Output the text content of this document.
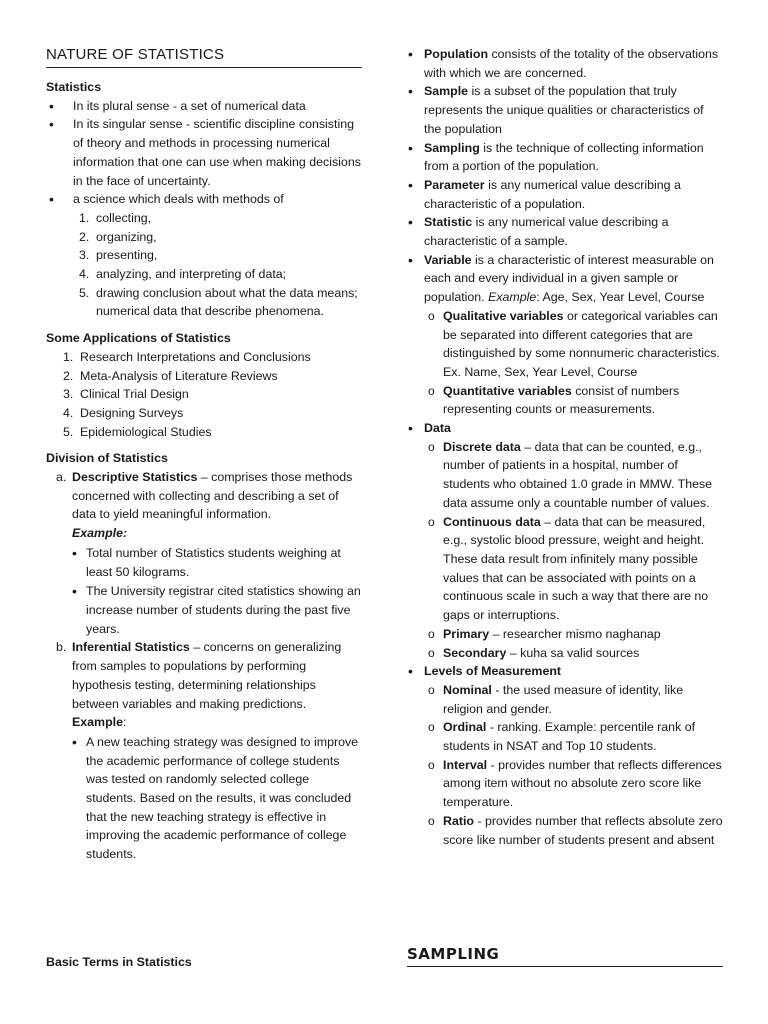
NATURE OF STATISTICS
Statistics
• In its plural sense - a set of numerical data
• In its singular sense - scientific discipline consisting of theory and methods in processing numerical information that one can use when making decisions in the face of uncertainty.
• a science which deals with methods of
1. collecting,
2. organizing,
3. presenting,
4. analyzing, and interpreting of data;
5. drawing conclusion about what the data means; numerical data that describe phenomena.
Some Applications of Statistics
1. Research Interpretations and Conclusions
2. Meta-Analysis of Literature Reviews
3. Clinical Trial Design
4. Designing Surveys
5. Epidemiological Studies
Division of Statistics
a. Descriptive Statistics – comprises those methods concerned with collecting and describing a set of data to yield meaningful information.
Example:
• Total number of Statistics students weighing at least 50 kilograms.
• The University registrar cited statistics showing an increase number of students during the past five years.
b. Inferential Statistics – concerns on generalizing from samples to populations by performing hypothesis testing, determining relationships between variables and making predictions.
Example:
• A new teaching strategy was designed to improve the academic performance of college students was tested on randomly selected college students. Based on the results, it was concluded that the new teaching strategy is effective in improving the academic performance of college students.
Basic Terms in Statistics
• Population consists of the totality of the observations with which we are concerned.
• Sample is a subset of the population that truly represents the unique qualities or characteristics of the population
• Sampling is the technique of collecting information from a portion of the population.
• Parameter is any numerical value describing a characteristic of a population.
• Statistic is any numerical value describing a characteristic of a sample.
• Variable is a characteristic of interest measurable on each and every individual in a given sample or population. Example: Age, Sex, Year Level, Course
o Qualitative variables or categorical variables can be separated into different categories that are distinguished by some nonnumeric characteristics. Ex. Name, Sex, Year Level, Course
o Quantitative variables consist of numbers representing counts or measurements.
• Data
o Discrete data – data that can be counted, e.g., number of patients in a hospital, number of students who obtained 1.0 grade in MMW. These data assume only a countable number of values.
o Continuous data – data that can be measured, e.g., systolic blood pressure, weight and height. These data result from infinitely many possible values that can be associated with points on a continuous scale in such a way that there are no gaps or interruptions.
o Primary – researcher mismo naghanap
o Secondary – kuha sa valid sources
• Levels of Measurement
o Nominal - the used measure of identity, like religion and gender.
o Ordinal - ranking. Example: percentile rank of students in NSAT and Top 10 students.
o Interval - provides number that reflects differences among item without no absolute zero score like temperature.
o Ratio - provides number that reflects absolute zero score like number of students present and absent
SAMPLING
